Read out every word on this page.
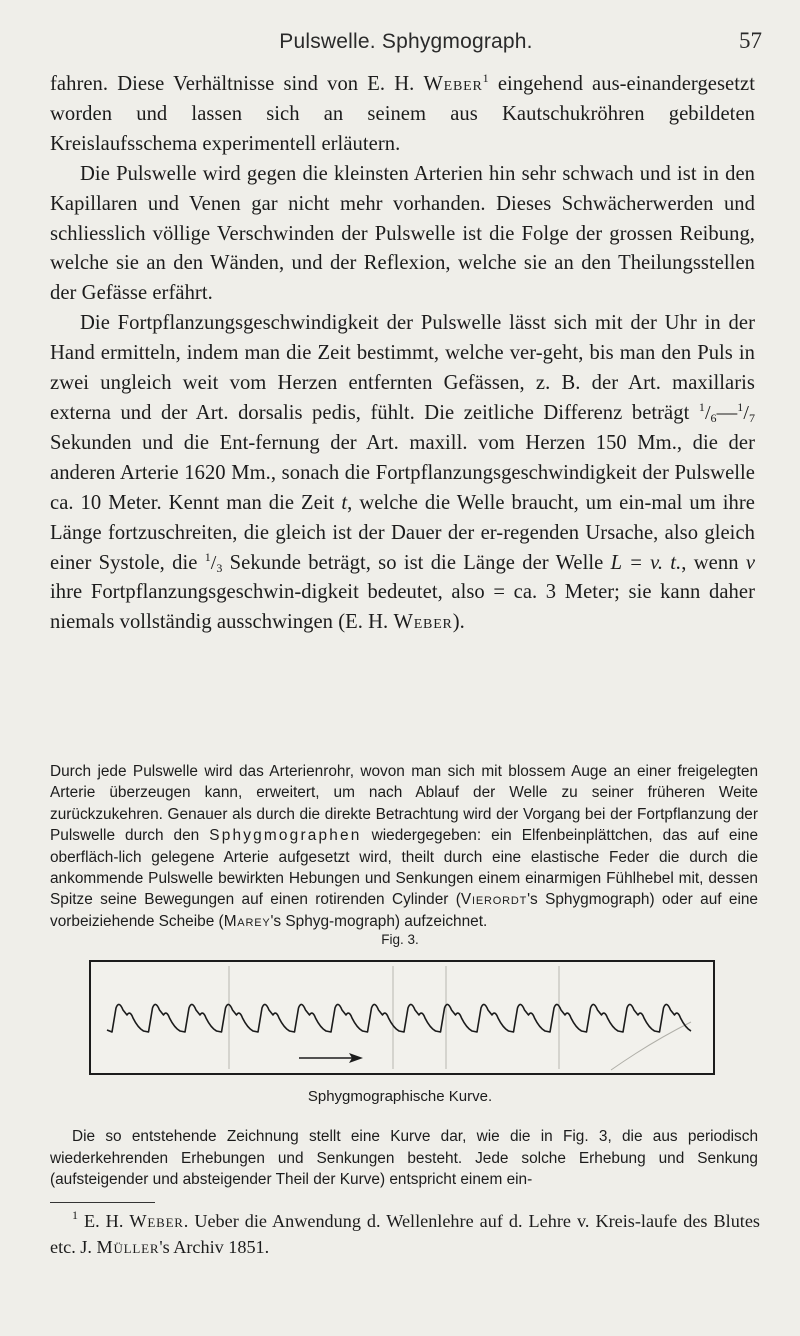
Pulswelle. Sphygmograph.	57

fahren. Diese Verhältnisse sind von E. H. Weber$^1$ eingehend aus-einandergesetzt worden und lassen sich an seinem aus Kautschukröhren gebildeten Kreislaufsschema experimentell erläutern.

Die Pulswelle wird gegen die kleinsten Arterien hin sehr schwach und ist in den Kapillaren und Venen gar nicht mehr vorhanden. Dieses Schwächerwerden und schliesslich völlige Verschwinden der Pulswelle ist die Folge der grossen Reibung, welche sie an den Wänden, und der Reflexion, welche sie an den Theilungsstellen der Gefässe erfährt.

Die Fortpflanzungsgeschwindigkeit der Pulswelle lässt sich mit der Uhr in der Hand ermitteln, indem man die Zeit bestimmt, welche ver-geht, bis man den Puls in zwei ungleich weit vom Herzen entfernten Gefässen, z. B. der Art. maxillaris externa und der Art. dorsalis pedis, fühlt. Die zeitliche Differenz beträgt $^1/_6—^1/_7$ Sekunden und die Ent-fernung der Art. maxill. vom Herzen 150 Mm., die der anderen Arterie 1620 Mm., sonach die Fortpflanzungsgeschwindigkeit der Pulswelle ca. 10 Meter. Kennt man die Zeit t, welche die Welle braucht, um ein-mal um ihre Länge fortzuschreiten, die gleich ist der Dauer der er-regenden Ursache, also gleich einer Systole, die $^1/_3$ Sekunde beträgt, so ist die Länge der Welle L = v. t., wenn v ihre Fortpflanzungsgeschwin-digkeit bedeutet, also = ca. 3 Meter; sie kann daher niemals vollständig ausschwingen (E. H. Weber).

Durch jede Pulswelle wird das Arterienrohr, wovon man sich mit blossem Auge an einer freigelegten Arterie überzeugen kann, erweitert, um nach Ablauf der Welle zu seiner früheren Weite zurückzukehren. Genauer als durch die direkte Betrachtung wird der Vorgang bei der Fortpflanzung der Pulswelle durch den Sphygmographen wiedergegeben: ein Elfenbeinplättchen, das auf eine oberfläch-lich gelegene Arterie aufgesetzt wird, theilt durch eine elastische Feder die durch die ankommende Pulswelle bewirkten Hebungen und Senkungen einem einarmigen Fühlhebel mit, dessen Spitze seine Bewegungen auf einen rotirenden Cylinder (Vierordt's Sphygmograph) oder auf eine vorbeiziehende Scheibe (Marey's Sphyg-mograph) aufzeichnet.

Fig. 3.
Sphygmographische Kurve.

Die so entstehende Zeichnung stellt eine Kurve dar, wie die in Fig. 3, die aus periodisch wiederkehrenden Erhebungen und Senkungen besteht. Jede solche Erhebung und Senkung (aufsteigender und absteigender Theil der Kurve) entspricht einem ein-

$^1$ E. H. Weber. Ueber die Anwendung d. Wellenlehre auf d. Lehre v. Kreis-laufe des Blutes etc. J. Müller's Archiv 1851.
